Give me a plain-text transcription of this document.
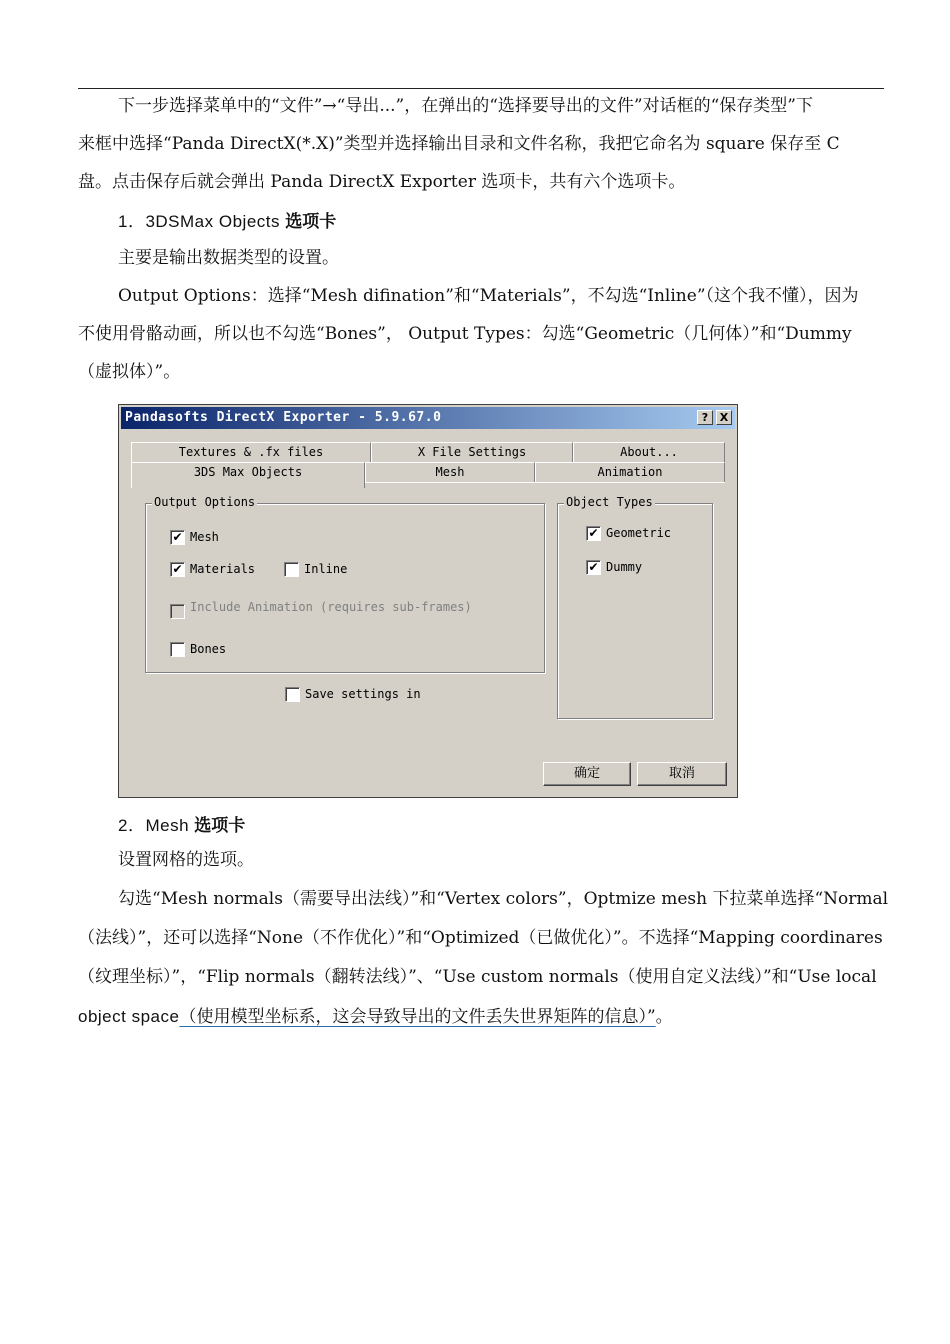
下一步选择菜单中的“文件”→“导出...”，在弹出的“选择要导出的文件”对话框的“保存类型”下
来框中选择“Panda DirectX(*.X)”类型并选择输出目录和文件名称，我把它命名为 square 保存至 C
盘。点击保存后就会弹出 Panda DirectX Exporter 选项卡，共有六个选项卡。
1．3DSMax Objects 选项卡
主要是输出数据类型的设置。
Output Options：选择“Mesh difination”和“Materials”，不勾选“Inline”（这个我不懂），因为
不使用骨骼动画，所以也不勾选“Bones”， Output Types：勾选“Geometric（几何体）”和“Dummy
（虚拟体）”。
Pandasofts DirectX Exporter - 5.9.67.0	?	X
Textures & .fx files	X File Settings	About...
3DS Max Objects	Mesh	Animation
Output Options
✔ Mesh
✔ Materials	Inline
Include Animation (requires sub-frames)
Bones
Object Types
✔ Geometric
✔ Dummy
Save settings in
确定	取消
2．Mesh 选项卡
设置网格的选项。
勾选“Mesh normals（需要导出法线）”和“Vertex colors”，Optmize mesh 下拉菜单选择“Normal
（法线）”，还可以选择“None（不作优化）”和“Optimized（已做优化）”。不选择“Mapping coordinares
（纹理坐标）”，“Flip normals（翻转法线）”、“Use custom normals（使用自定义法线）”和“Use local
object space（使用模型坐标系，这会导致导出的文件丢失世界矩阵的信息）”。
